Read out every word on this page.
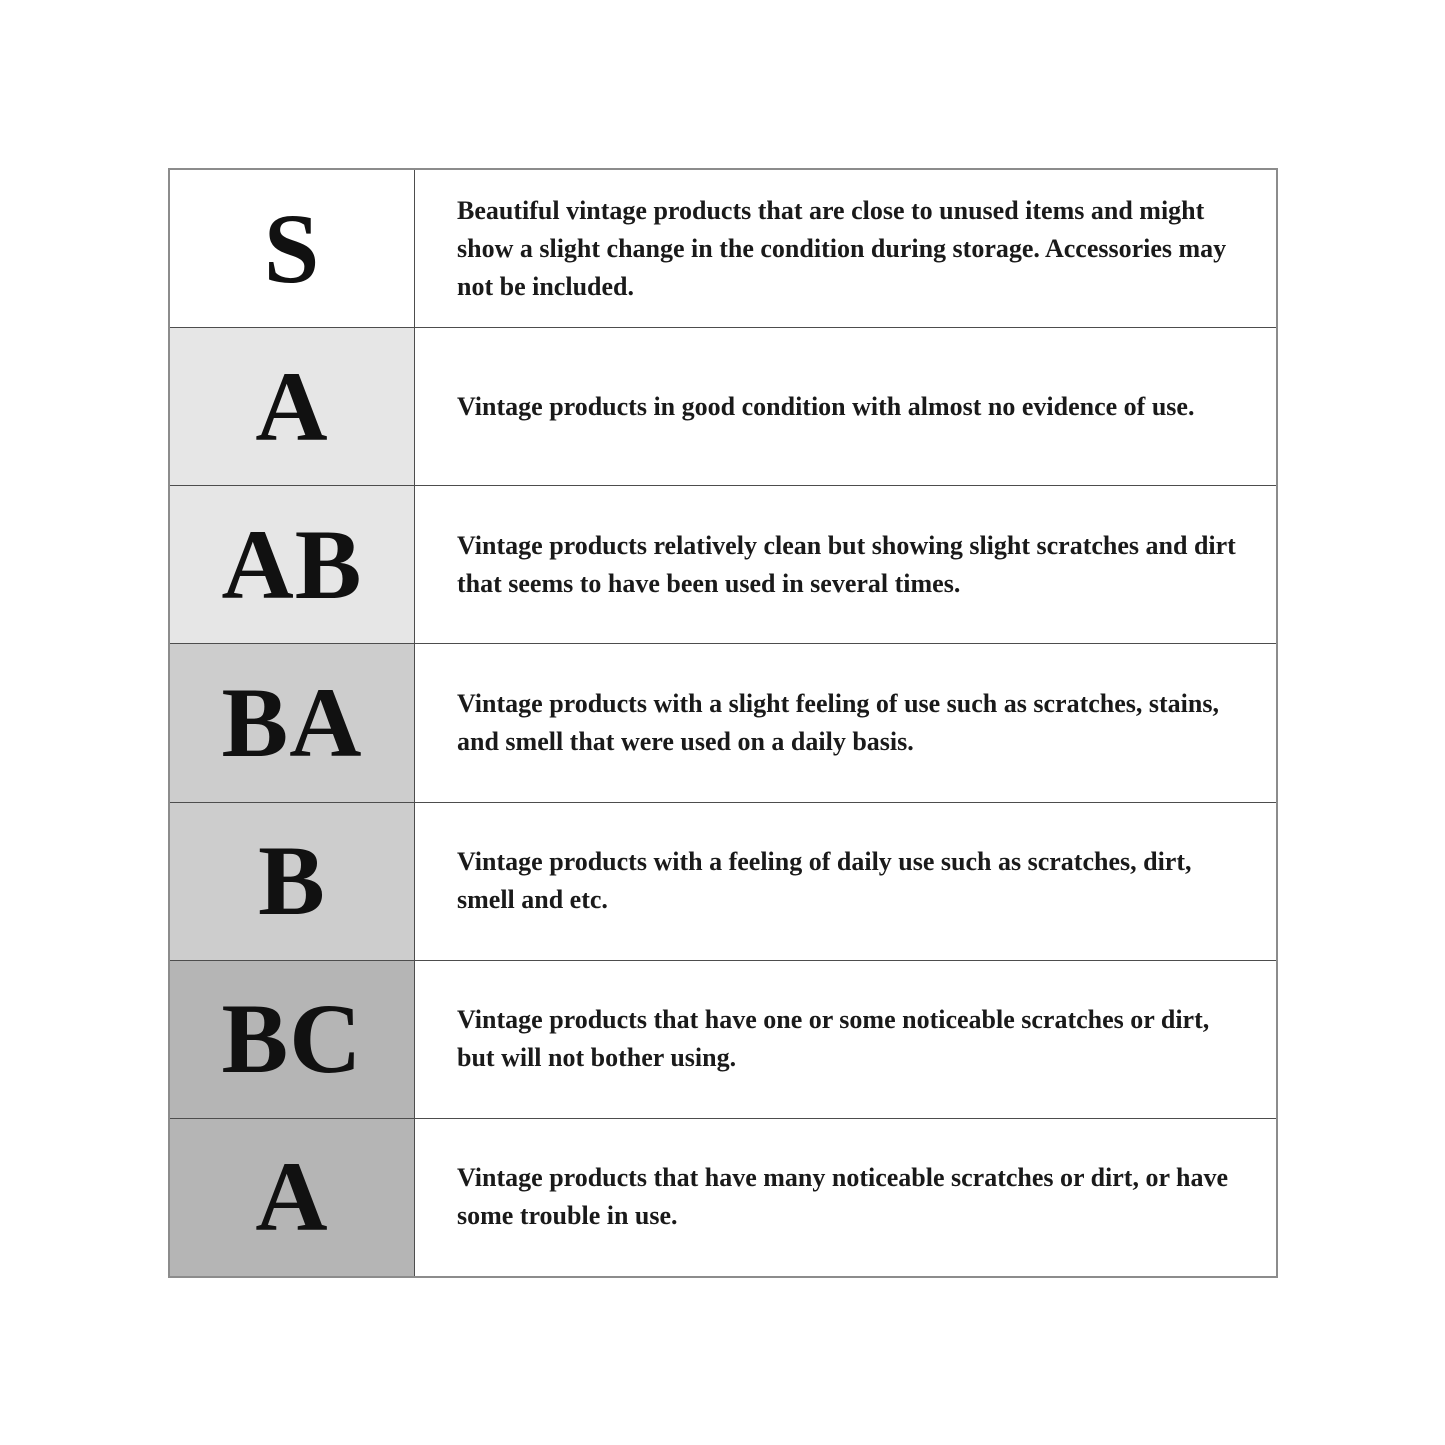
S	Beautiful vintage products that are close to unused items and might show a slight change in the condition during storage. Accessories may not be included.

A	Vintage products in good condition with almost no evidence of use.

AB	Vintage products relatively clean but showing slight scratches and dirt that seems to have been used in several times.

BA	Vintage products with a slight feeling of use such as scratches, stains, and smell that were used on a daily basis.

B	Vintage products with a feeling of daily use such as scratches, dirt, smell and etc.

BC	Vintage products that have one or some noticeable scratches or dirt, but will not bother using.

A	Vintage products that have many noticeable scratches or dirt, or have some trouble in use.
